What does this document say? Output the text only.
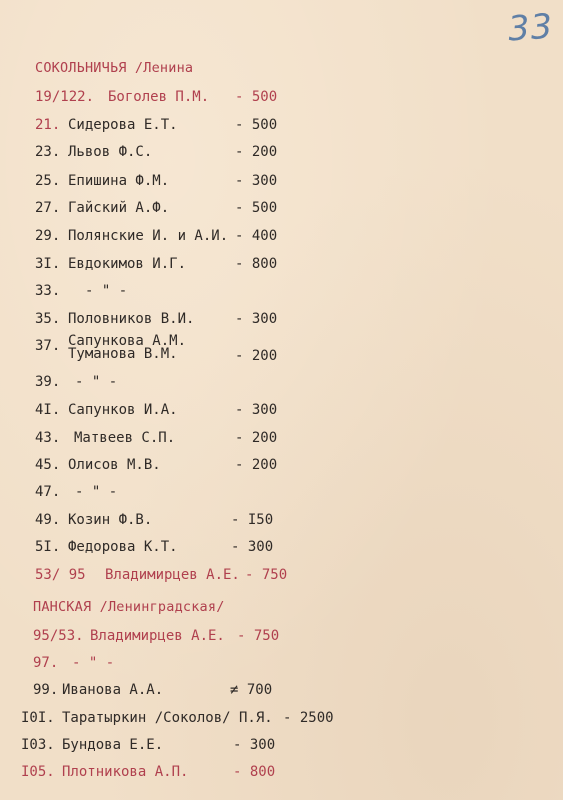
33
СОКОЛЬНИЧЬЯ /Ленина
19/122. Боголев П.М. - 500
21. Сидерова Е.Т.	- 500
23. Львов Ф.С.	- 200
25. Епишина Ф.М.	- 300
27. Гайский А.Ф.	- 500
29. Полянские И. и А.И. - 400
3I. Евдокимов И.Г.	- 800
33. - " -
35. Половников В.И.	- 300
37. Сапункова А.М.
Туманова В.М.	- 200
39. - " -
4I. Сапунков И.А.	- 300
43. Матвеев С.П.	- 200
45. Олисов М.В.	- 200
47. - " -
49. Козин Ф.В.	- I50
5I. Федорова К.Т.	- 300
53/ 95 Владимирцев А.Е. - 750
ПАНСКАЯ /Ленинградская/
95/53. Владимирцев А.Е. - 750
97. - " -
99. Иванова А.А.	≠ 700
I0I. Таратыркин /Соколов/ П.Я. - 2500
I03. Бундова Е.Е.	- 300
I05. Плотникова А.П.	- 800
